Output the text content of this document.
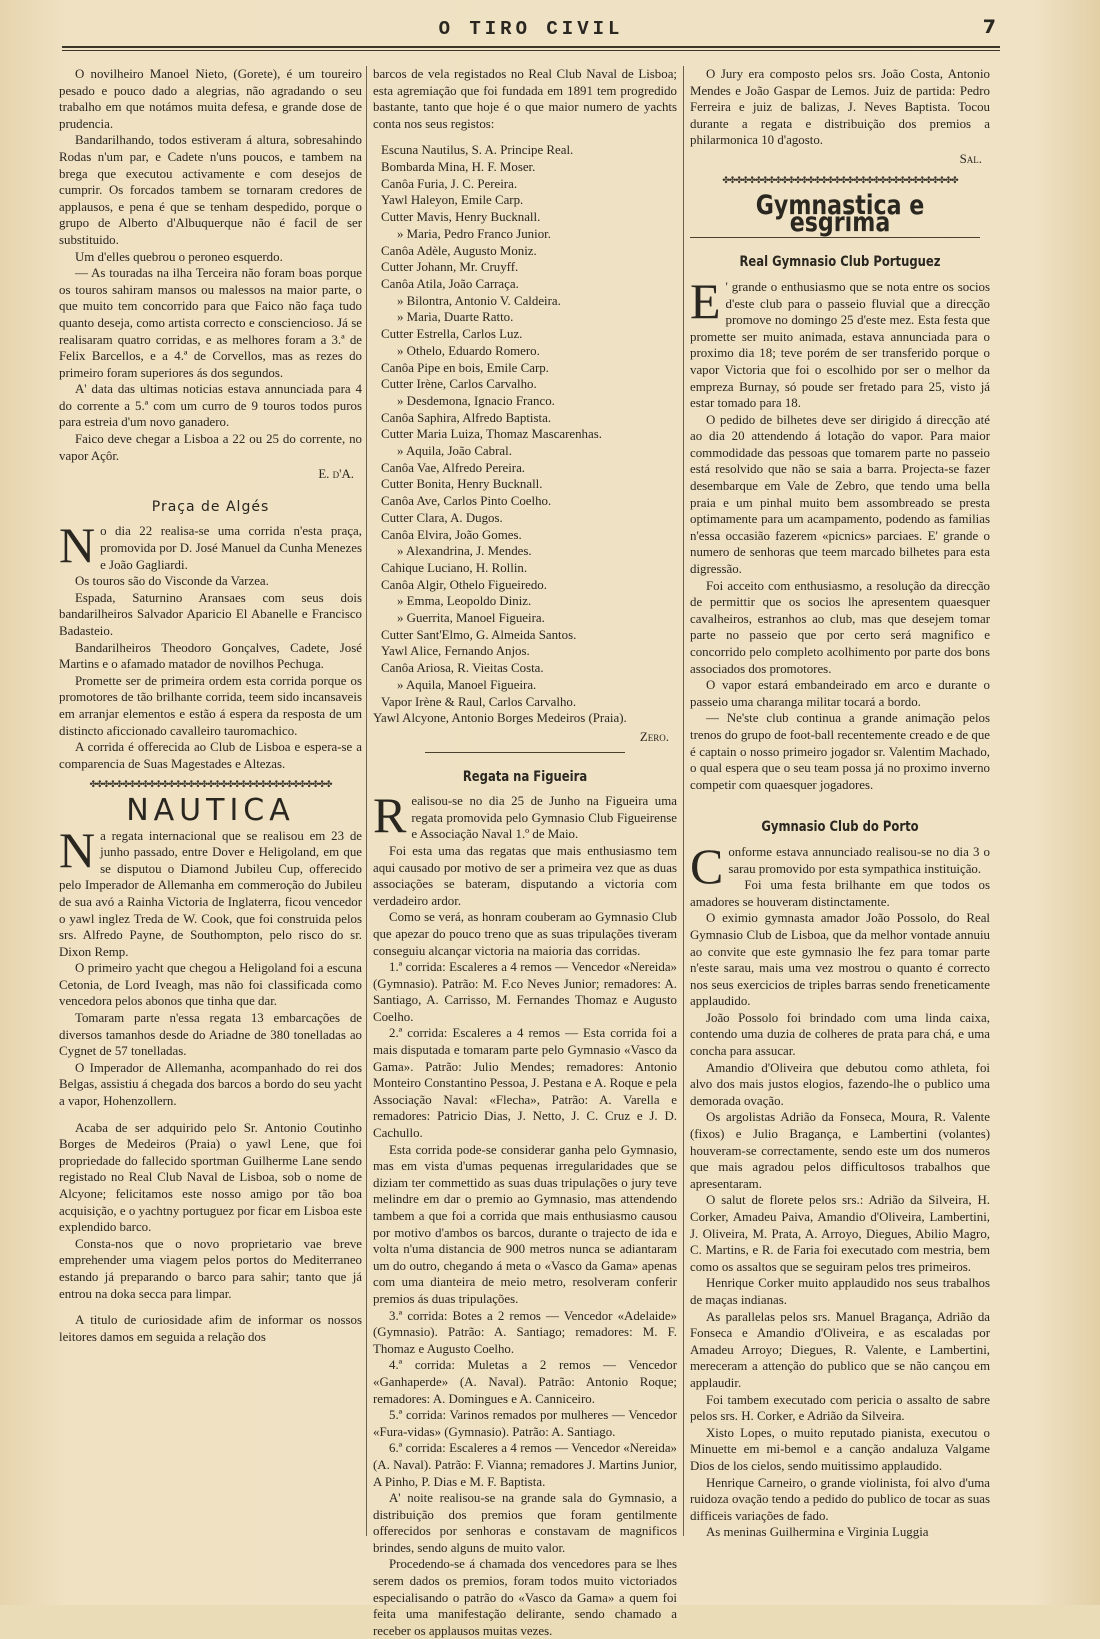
O TIRO CIVIL	7

O novilheiro Manoel Nieto, (Gorete), é um toureiro pesado e pouco dado a alegrias, não agradando o seu trabalho em que notámos muita defesa, e grande dose de prudencia.

Bandarilhando, todos estiveram á altura, sobresahindo Rodas n'um par, e Cadete n'uns poucos, e tambem na brega que executou activamente e com desejos de cumprir. Os forcados tambem se tornaram credores de applausos, e pena é que se tenham despedido, porque o grupo de Alberto d'Albuquerque não é facil de ser substituido.

Um d'elles quebrou o peroneo esquerdo.

— As touradas na ilha Terceira não foram boas porque os touros sahiram mansos ou malessos na maior parte, o que muito tem concorrido para que Faico não faça tudo quanto deseja, como artista correcto e consciencioso. Já se realisaram quatro corridas, e as melhores foram a 3.ª de Felix Barcellos, e a 4.ª de Corvellos, mas as rezes do primeiro foram superiores ás dos segundos.

A' data das ultimas noticias estava annunciada para 4 do corrente a 5.ª com um curro de 9 touros todos puros para estreia d'um novo ganadero.

Faico deve chegar a Lisboa a 22 ou 25 do corrente, no vapor Açôr.

E. d'A.

Praça de Algés

No dia 22 realisa-se uma corrida n'esta praça, promovida por D. José Manuel da Cunha Menezes e João Gagliardi.

Os touros são do Visconde da Varzea.

Espada, Saturnino Aransaes com seus dois bandarilheiros Salvador Aparicio El Abanelle e Francisco Badasteio.

Bandarilheiros Theodoro Gonçalves, Cadete, José Martins e o afamado matador de novilhos Pechuga.

Promette ser de primeira ordem esta corrida porque os promotores de tão brilhante corrida, teem sido incansaveis em arranjar elementos e estão á espera da resposta de um distincto aficcionado cavalleiro tauromachico.

A corrida é offerecida ao Club de Lisboa e espera-se a comparencia de Suas Magestades e Altezas.

✤✤✤✤✤✤✤✤✤✤✤✤✤✤✤✤✤✤✤✤✤✤✤✤✤✤✤✤✤✤✤✤✤✤✤✤✤
NAUTICA

Na regata internacional que se realisou em 23 de junho passado, entre Dover e Heligoland, em que se disputou o Diamond Jubileu Cup, offerecido pelo Imperador de Allemanha em commeroção do Jubileu de sua avó a Rainha Victoria de Inglaterra, ficou vencedor o yawl inglez Treda de W. Cook, que foi construida pelos srs. Alfredo Payne, de Southompton, pelo risco do sr. Dixon Remp.

O primeiro yacht que chegou a Heligoland foi a escuna Cetonia, de Lord Iveagh, mas não foi classificada como vencedora pelos abonos que tinha que dar.

Tomaram parte n'essa regata 13 embarcações de diversos tamanhos desde do Ariadne de 380 tonelladas ao Cygnet de 57 tonelladas.

O Imperador de Allemanha, acompanhado do rei dos Belgas, assistiu á chegada dos barcos a bordo do seu yacht a vapor, Hohenzollern.

Acaba de ser adquirido pelo Sr. Antonio Coutinho Borges de Medeiros (Praia) o yawl Lene, que foi propriedade do fallecido sportman Guilherme Lane sendo registado no Real Club Naval de Lisboa, sob o nome de Alcyone; felicitamos este nosso amigo por tão boa acquisição, e o yachtny portuguez por ficar em Lisboa este explendido barco.

Consta-nos que o novo proprietario vae breve emprehender uma viagem pelos portos do Mediterraneo estando já preparando o barco para sahir; tanto que já entrou na doka secca para limpar.

A titulo de curiosidade afim de informar os nossos leitores damos em seguida a relação dos

barcos de vela registados no Real Club Naval de Lisboa; esta agremiação que foi fundada em 1891 tem progredido bastante, tanto que hoje é o que maior numero de yachts conta nos seus registos:

Escuna Nautilus, S. A. Principe Real.

Bombarda Mina, H. F. Moser.

Canôa Furia, J. C. Pereira.

Yawl Haleyon, Emile Carp.

Cutter Mavis, Henry Bucknall.

» Maria, Pedro Franco Junior.

Canôa Adèle, Augusto Moniz.

Cutter Johann, Mr. Cruyff.

Canôa Atila, João Carraça.

» Bilontra, Antonio V. Caldeira.

» Maria, Duarte Ratto.

Cutter Estrella, Carlos Luz.

» Othelo, Eduardo Romero.

Canôa Pipe en bois, Emile Carp.

Cutter Irène, Carlos Carvalho.

» Desdemona, Ignacio Franco.

Canôa Saphira, Alfredo Baptista.

Cutter Maria Luiza, Thomaz Mascarenhas.

» Aquila, João Cabral.

Canôa Vae, Alfredo Pereira.

Cutter Bonita, Henry Bucknall.

Canôa Ave, Carlos Pinto Coelho.

Cutter Clara, A. Dugos.

Canôa Elvira, João Gomes.

» Alexandrina, J. Mendes.

Cahique Luciano, H. Rollin.

Canôa Algir, Othelo Figueiredo.

» Emma, Leopoldo Diniz.

» Guerrita, Manoel Figueira.

Cutter Sant'Elmo, G. Almeida Santos.

Yawl Alice, Fernando Anjos.

Canôa Ariosa, R. Vieitas Costa.

» Aquila, Manoel Figueira.

Vapor Irène & Raul, Carlos Carvalho.

Yawl Alcyone, Antonio Borges Medeiros (Praia).

Zero.

Regata na Figueira

Realisou-se no dia 25 de Junho na Figueira uma regata promovida pelo Gymnasio Club Figueirense e Associação Naval 1.º de Maio.

Foi esta uma das regatas que mais enthusiasmo tem aqui causado por motivo de ser a primeira vez que as duas associações se bateram, disputando a victoria com verdadeiro ardor.

Como se verá, as honram couberam ao Gymnasio Club que apezar do pouco treno que as suas tripulações tiveram conseguiu alcançar victoria na maioria das corridas.

1.ª corrida: Escaleres a 4 remos — Vencedor «Nereida» (Gymnasio). Patrão: M. F.co Neves Junior; remadores: A. Santiago, A. Carrisso, M. Fernandes Thomaz e Augusto Coelho.

2.ª corrida: Escaleres a 4 remos — Esta corrida foi a mais disputada e tomaram parte pelo Gymnasio «Vasco da Gama». Patrão: Julio Mendes; remadores: Antonio Monteiro Constantino Pessoa, J. Pestana e A. Roque e pela Associação Naval: «Flecha», Patrão: A. Varella e remadores: Patricio Dias, J. Netto, J. C. Cruz e J. D. Cachullo.

Esta corrida pode-se considerar ganha pelo Gymnasio, mas em vista d'umas pequenas irregularidades que se diziam ter commettido as suas duas tripulações o jury teve melindre em dar o premio ao Gymnasio, mas attendendo tambem a que foi a corrida que mais enthusiasmo causou por motivo d'ambos os barcos, durante o trajecto de ida e volta n'uma distancia de 900 metros nunca se adiantaram um do outro, chegando á meta o «Vasco da Gama» apenas com uma dianteira de meio metro, resolveram conferir premios ás duas tripulações.

3.ª corrida: Botes a 2 remos — Vencedor «Adelaide» (Gymnasio). Patrão: A. Santiago; remadores: M. F. Thomaz e Augusto Coelho.

4.ª corrida: Muletas a 2 remos — Vencedor «Ganhaperde» (A. Naval). Patrão: Antonio Roque; remadores: A. Domingues e A. Canniceiro.

5.ª corrida: Varinos remados por mulheres — Vencedor «Fura-vidas» (Gymnasio). Patrão: A. Santiago.

6.ª corrida: Escaleres a 4 remos — Vencedor «Nereida» (A. Naval). Patrão: F. Vianna; remadores J. Martins Junior, A Pinho, P. Dias e M. F. Baptista.

A' noite realisou-se na grande sala do Gymnasio, a distribuição dos premios que foram gentilmente offerecidos por senhoras e constavam de magnificos brindes, sendo alguns de muito valor.

Procedendo-se á chamada dos vencedores para se lhes serem dados os premios, foram todos muito victoriados especialisando o patrão do «Vasco da Gama» a quem foi feita uma manifestação delirante, sendo chamado a receber os applausos muitas vezes.

O Jury era composto pelos srs. João Costa, Antonio Mendes e João Gaspar de Lemos. Juiz de partida: Pedro Ferreira e juiz de balizas, J. Neves Baptista. Tocou durante a regata e distribuição dos premios a philarmonica 10 d'agosto.

Sal.

✤✤✤✤✤✤✤✤✤✤✤✤✤✤✤✤✤✤✤✤✤✤✤✤✤✤✤✤✤✤✤✤✤✤✤✤
Gymnastica e esgrima
Real Gymnasio Club Portuguez

E ' grande o enthusiasmo que se nota entre os socios d'este club para o passeio fluvial que a direcção promove no domingo 25 d'este mez. Esta festa que promette ser muito animada, estava annunciada para o proximo dia 18; teve porém de ser transferido porque o vapor Victoria que foi o escolhido por ser o melhor da empreza Burnay, só poude ser fretado para 25, visto já estar tomado para 18.

O pedido de bilhetes deve ser dirigido á direcção até ao dia 20 attendendo á lotação do vapor. Para maior commodidade das pessoas que tomarem parte no passeio está resolvido que não se saia a barra. Projecta-se fazer desembarque em Vale de Zebro, que tendo uma bella praia e um pinhal muito bem assombreado se presta optimamente para um acampamento, podendo as familias n'essa occasião fazerem «picnics» parciaes. E' grande o numero de senhoras que teem marcado bilhetes para esta digressão.

Foi acceito com enthusiasmo, a resolução da direcção de permittir que os socios lhe apresentem quaesquer cavalheiros, estranhos ao club, mas que desejem tomar parte no passeio que por certo será magnifico e concorrido pelo completo acolhimento por parte dos bons associados dos promotores.

O vapor estará embandeirado em arco e durante o passeio uma charanga militar tocará a bordo.

— Ne'ste club continua a grande animação pelos trenos do grupo de foot-ball recentemente creado e de que é captain o nosso primeiro jogador sr. Valentim Machado, o qual espera que o seu team possa já no proximo inverno competir com quaesquer jogadores.

Gymnasio Club do Porto

Conforme estava annunciado realisou-se no dia 3 o sarau promovido por esta sympathica instituição.

Foi uma festa brilhante em que todos os amadores se houveram distinctamente.

O eximio gymnasta amador João Possolo, do Real Gymnasio Club de Lisboa, que da melhor vontade annuiu ao convite que este gymnasio lhe fez para tomar parte n'este sarau, mais uma vez mostrou o quanto é correcto nos seus exercicios de triples barras sendo freneticamente applaudido.

João Possolo foi brindado com uma linda caixa, contendo uma duzia de colheres de prata para chá, e uma concha para assucar.

Amandio d'Oliveira que debutou como athleta, foi alvo dos mais justos elogios, fazendo-lhe o publico uma demorada ovação.

Os argolistas Adrião da Fonseca, Moura, R. Valente (fixos) e Julio Bragança, e Lambertini (volantes) houveram-se correctamente, sendo este um dos numeros que mais agradou pelos difficultosos trabalhos que apresentaram.

O salut de florete pelos srs.: Adrião da Silveira, H. Corker, Amadeu Paiva, Amandio d'Oliveira, Lambertini, J. Oliveira, M. Prata, A. Arroyo, Diegues, Abilio Magro, C. Martins, e R. de Faria foi executado com mestria, bem como os assaltos que se seguiram pelos tres primeiros.

Henrique Corker muito applaudido nos seus trabalhos de maças indianas.

As parallelas pelos srs. Manuel Bragança, Adrião da Fonseca e Amandio d'Oliveira, e as escaladas por Amadeu Arroyo; Diegues, R. Valente, e Lambertini, mereceram a attenção do publico que se não cançou em applaudir.

Foi tambem executado com pericia o assalto de sabre pelos srs. H. Corker, e Adrião da Silveira.

Xisto Lopes, o muito reputado pianista, executou o Minuette em mi-bemol e a canção andaluza Valgame Dios de los cielos, sendo muitissimo applaudido.

Henrique Carneiro, o grande violinista, foi alvo d'uma ruidoza ovação tendo a pedido do publico de tocar as suas difficeis variações de fado.

As meninas Guilhermina e Virginia Luggia
